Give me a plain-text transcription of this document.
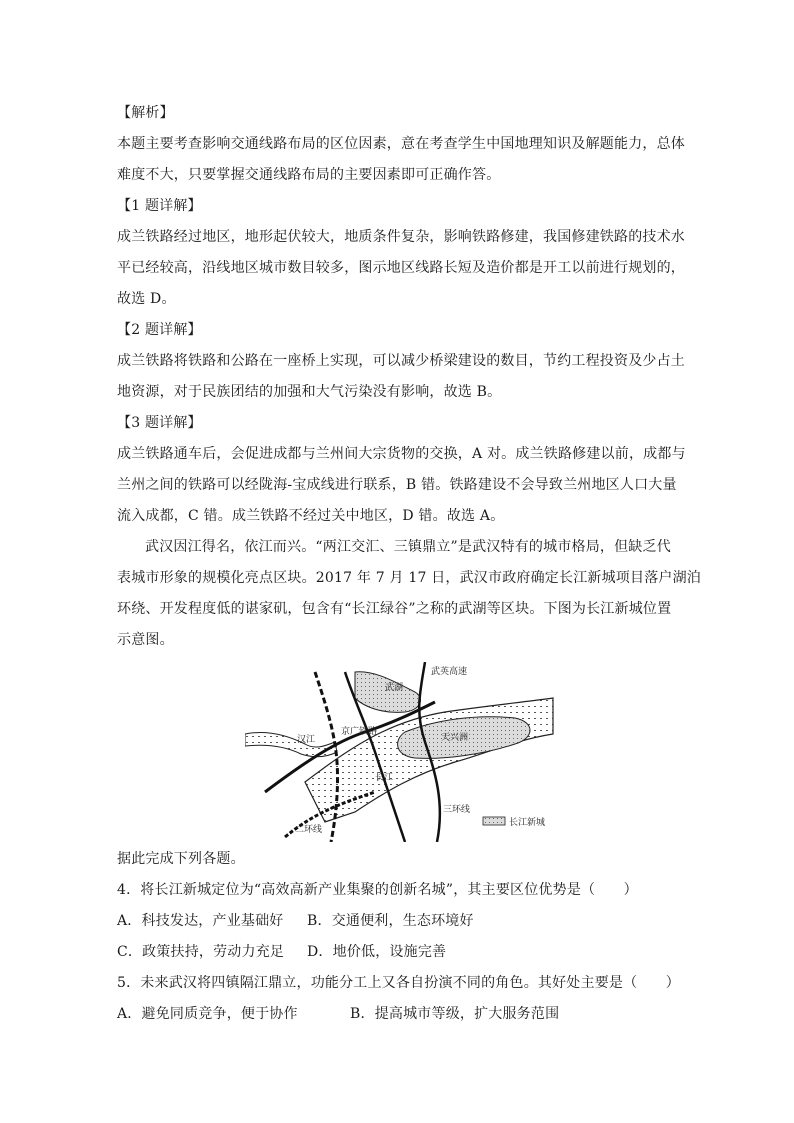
【解析】
本题主要考查影响交通线路布局的区位因素，意在考查学生中国地理知识及解题能力，总体
难度不大，只要掌握交通线路布局的主要因素即可正确作答。
【1 题详解】
成兰铁路经过地区，地形起伏较大，地质条件复杂，影响铁路修建，我国修建铁路的技术水
平已经较高，沿线地区城市数目较多，图示地区线路长短及造价都是开工以前进行规划的，
故选 D。
【2 题详解】
成兰铁路将铁路和公路在一座桥上实现，可以减少桥梁建设的数目，节约工程投资及少占土
地资源，对于民族团结的加强和大气污染没有影响，故选 B。
【3 题详解】
成兰铁路通车后，会促进成都与兰州间大宗货物的交换，A 对。成兰铁路修建以前，成都与
兰州之间的铁路可以经陇海-宝成线进行联系，B 错。铁路建设不会导致兰州地区人口大量
流入成都，C 错。成兰铁路不经过关中地区，D 错。故选 A。
武汉因江得名，依江而兴。“两江交汇、三镇鼎立”是武汉特有的城市格局，但缺乏代
表城市形象的规模化亮点区块。2017 年 7 月 17 日，武汉市政府确定长江新城项目落户湖泊
环绕、开发程度低的谌家矶，包含有“长江绿谷”之称的武湖等区块。下图为长江新城位置
示意图。
汉江
京广铁路
武湖
天兴洲
长江
二环线
三环线
武英高速
长江新城
据此完成下列各题。
4．将长江新城定位为“高效高新产业集聚的创新名城”，其主要区位优势是（　　）
A．科技发达，产业基础好	B．交通便利，生态环境好
C．政策扶持，劳动力充足	D．地价低，设施完善
5．未来武汉将四镇隔江鼎立，功能分工上又各自扮演不同的角色。其好处主要是（　　）
A．避免同质竞争，便于协作	B．提高城市等级，扩大服务范围
